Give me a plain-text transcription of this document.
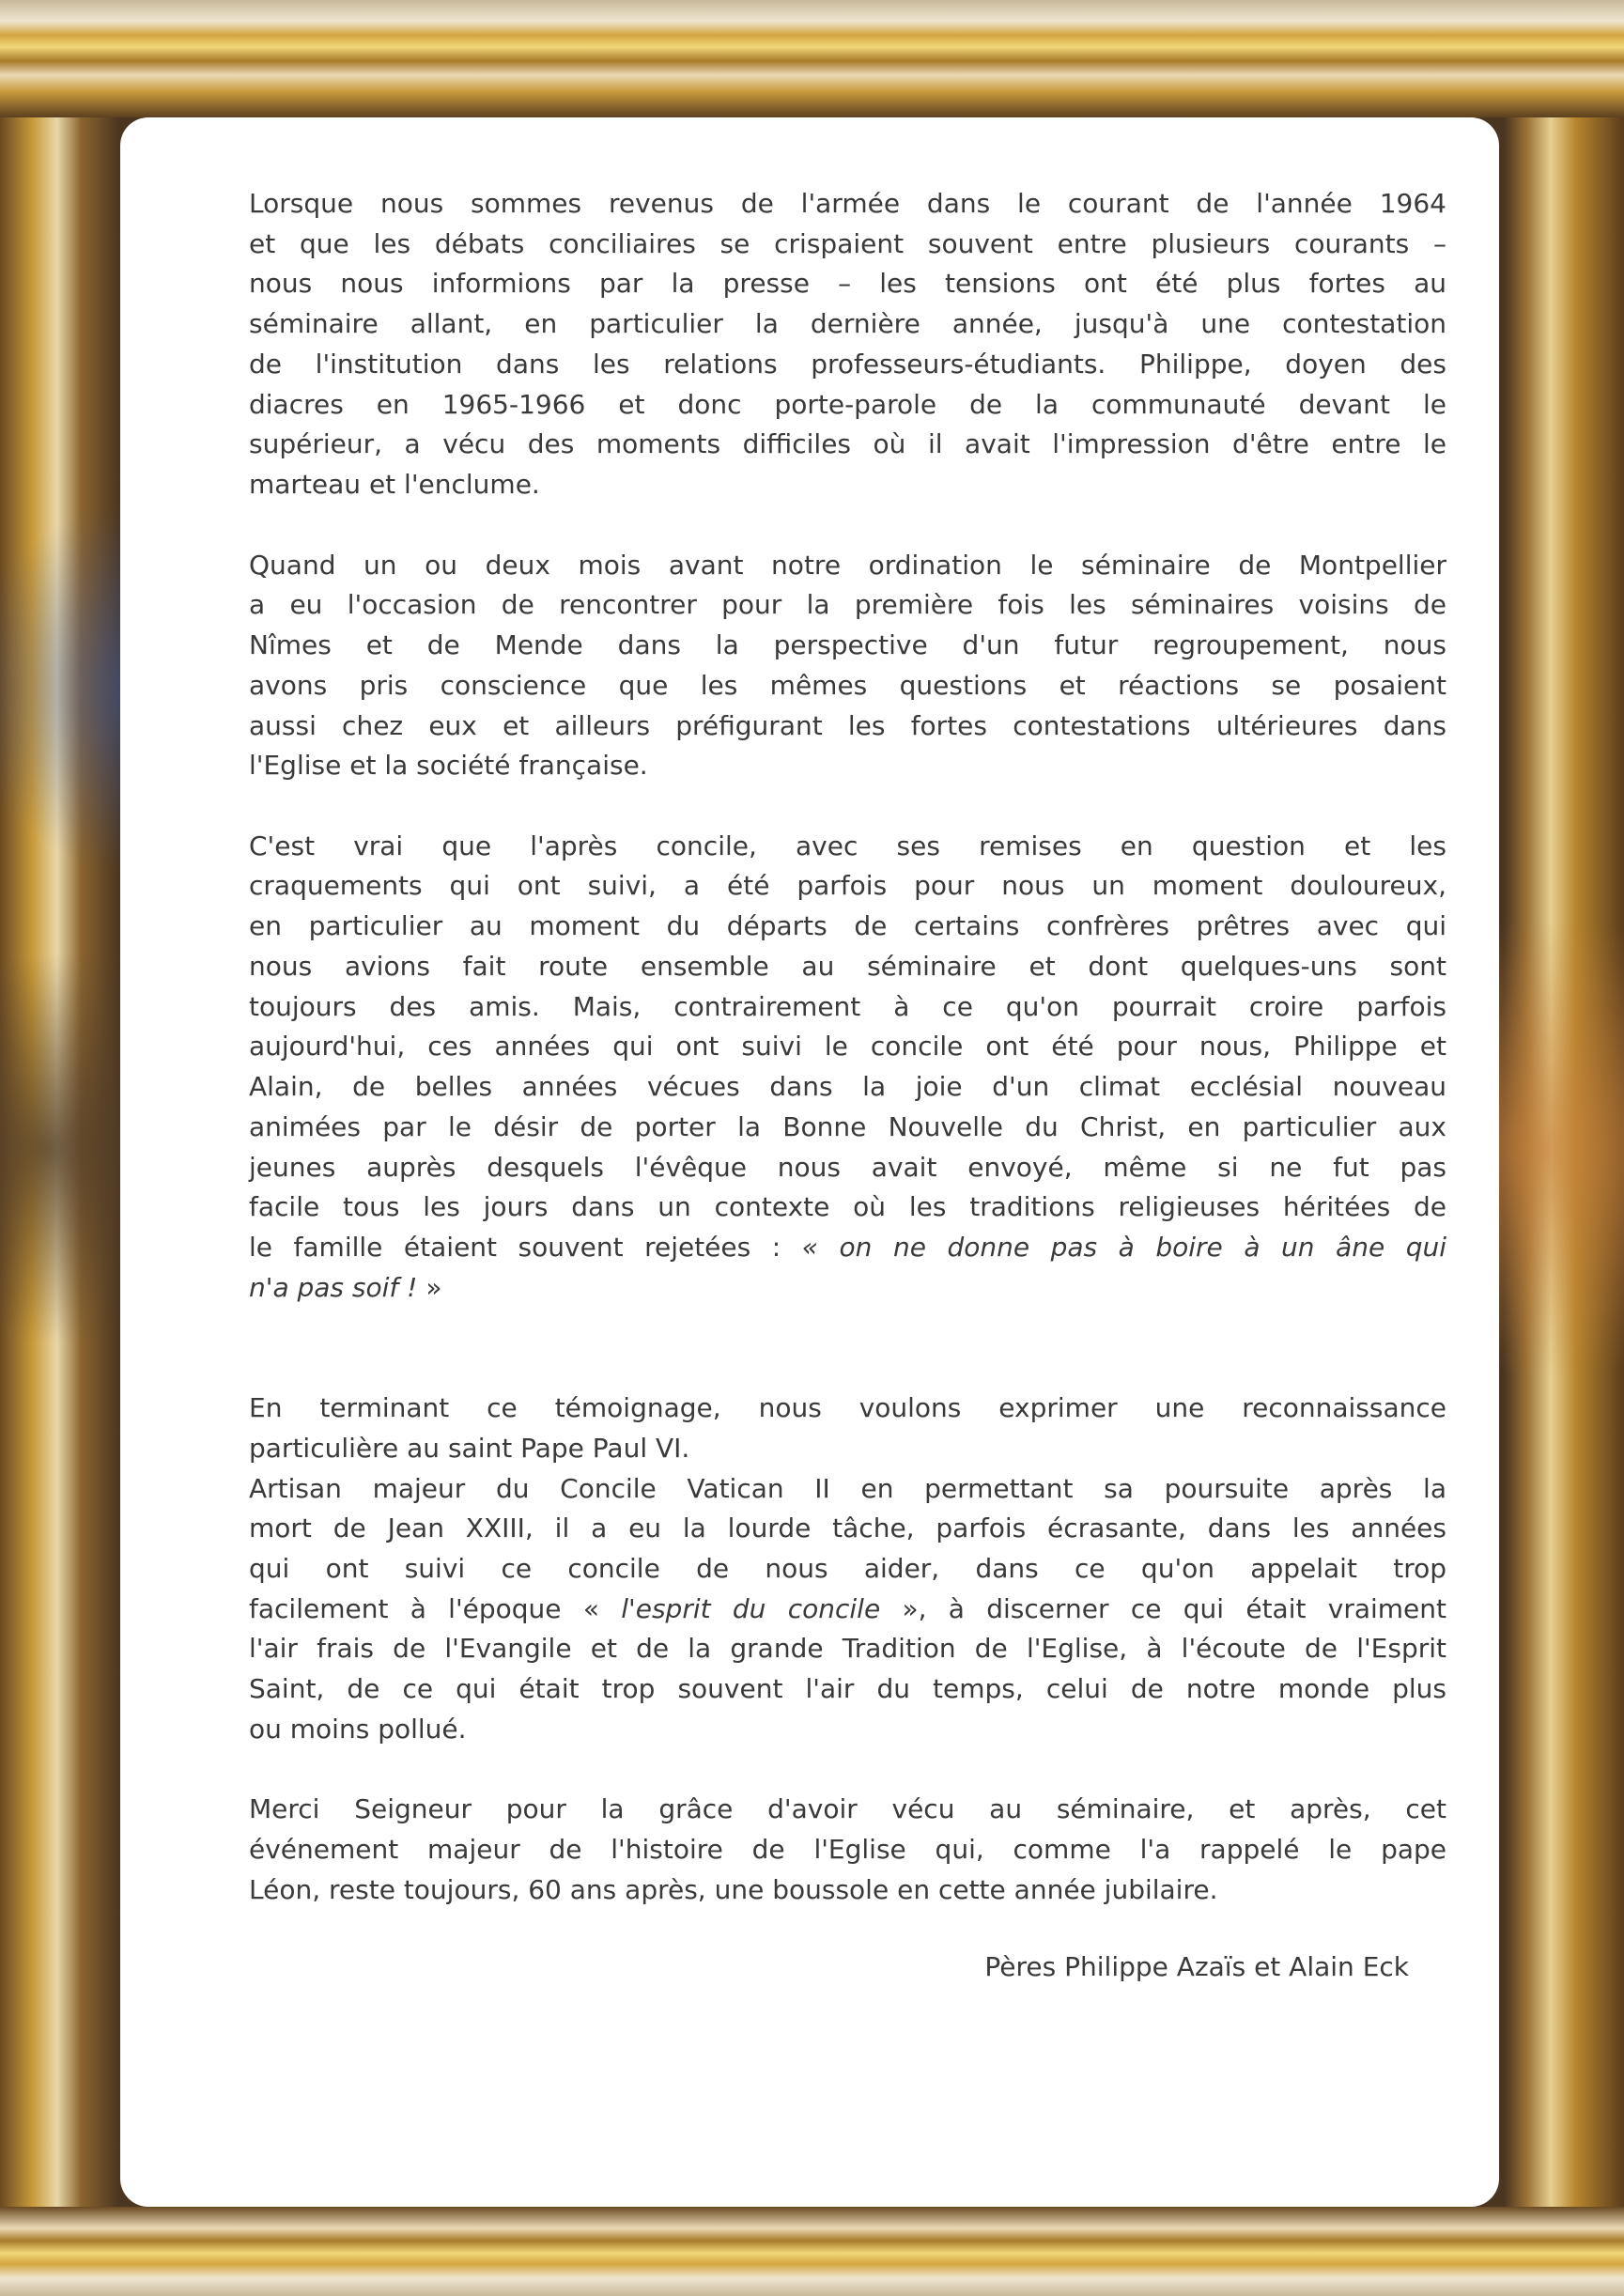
Lorsque nous sommes revenus de l'armée dans le courant de l'année 1964
et que les débats conciliaires se crispaient souvent entre plusieurs courants –
nous nous informions par la presse – les tensions ont été plus fortes au
séminaire allant, en particulier la dernière année, jusqu'à une contestation
de l'institution dans les relations professeurs-étudiants. Philippe, doyen des
diacres en 1965-1966 et donc porte-parole de la communauté devant le
supérieur, a vécu des moments difficiles où il avait l'impression d'être entre le
marteau et l'enclume.
Quand un ou deux mois avant notre ordination le séminaire de Montpellier
a eu l'occasion de rencontrer pour la première fois les séminaires voisins de
Nîmes et de Mende dans la perspective d'un futur regroupement, nous
avons pris conscience que les mêmes questions et réactions se posaient
aussi chez eux et ailleurs préfigurant les fortes contestations ultérieures dans
l'Eglise et la société française.
C'est vrai que l'après concile, avec ses remises en question et les
craquements qui ont suivi, a été parfois pour nous un moment douloureux,
en particulier au moment du départs de certains confrères prêtres avec qui
nous avions fait route ensemble au séminaire et dont quelques-uns sont
toujours des amis. Mais, contrairement à ce qu'on pourrait croire parfois
aujourd'hui, ces années qui ont suivi le concile ont été pour nous, Philippe et
Alain, de belles années vécues dans la joie d'un climat ecclésial nouveau
animées par le désir de porter la Bonne Nouvelle du Christ, en particulier aux
jeunes auprès desquels l'évêque nous avait envoyé, même si ne fut pas
facile tous les jours dans un contexte où les traditions religieuses héritées de
le famille étaient souvent rejetées : « on ne donne pas à boire à un âne qui
n'a pas soif ! »
En terminant ce témoignage, nous voulons exprimer une reconnaissance
particulière au saint Pape Paul VI.
Artisan majeur du Concile Vatican II en permettant sa poursuite après la
mort de Jean XXIII, il a eu la lourde tâche, parfois écrasante, dans les années
qui ont suivi ce concile de nous aider, dans ce qu'on appelait trop
facilement à l'époque « l'esprit du concile », à discerner ce qui était vraiment
l'air frais de l'Evangile et de la grande Tradition de l'Eglise, à l'écoute de l'Esprit
Saint, de ce qui était trop souvent l'air du temps, celui de notre monde plus
ou moins pollué.
Merci Seigneur pour la grâce d'avoir vécu au séminaire, et après, cet
événement majeur de l'histoire de l'Eglise qui, comme l'a rappelé le pape
Léon, reste toujours, 60 ans après, une boussole en cette année jubilaire.
Pères Philippe Azaïs et Alain Eck
